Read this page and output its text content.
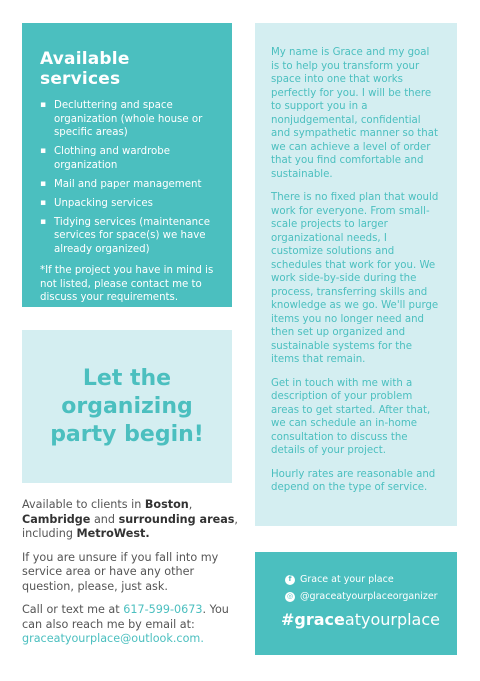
Available services
▪ Decluttering and space organization (whole house or specific areas)
▪ Clothing and wardrobe organization
▪ Mail and paper management
▪ Unpacking services
▪ Tidying services (maintenance services for space(s) we have already organized)
*If the project you have in mind is not listed, please contact me to discuss your requirements.
Let the organizing party begin!

Available to clients in Boston, Cambridge and surrounding areas, including MetroWest.

If you are unsure if you fall into my service area or have any other question, please, just ask.

Call or text me at 617-599-0673. You can also reach me by email at: graceatyourplace@outlook.com.

My name is Grace and my goal is to help you transform your space into one that works perfectly for you. I will be there to support you in a nonjudgemental, confidential and sympathetic manner so that we can achieve a level of order that you find comfortable and sustainable.

There is no fixed plan that would work for everyone. From small-scale projects to larger organizational needs, I customize solutions and schedules that work for you. We work side-by-side during the process, transferring skills and knowledge as we go. We'll purge items you no longer need and then set up organized and sustainable systems for the items that remain.

Get in touch with me with a description of your problem areas to get started. After that, we can schedule an in-home consultation to discuss the details of your project.

Hourly rates are reasonable and depend on the type of service.

f Grace at your place
◎ @graceatyourplaceorganizer
#graceatyourplace
